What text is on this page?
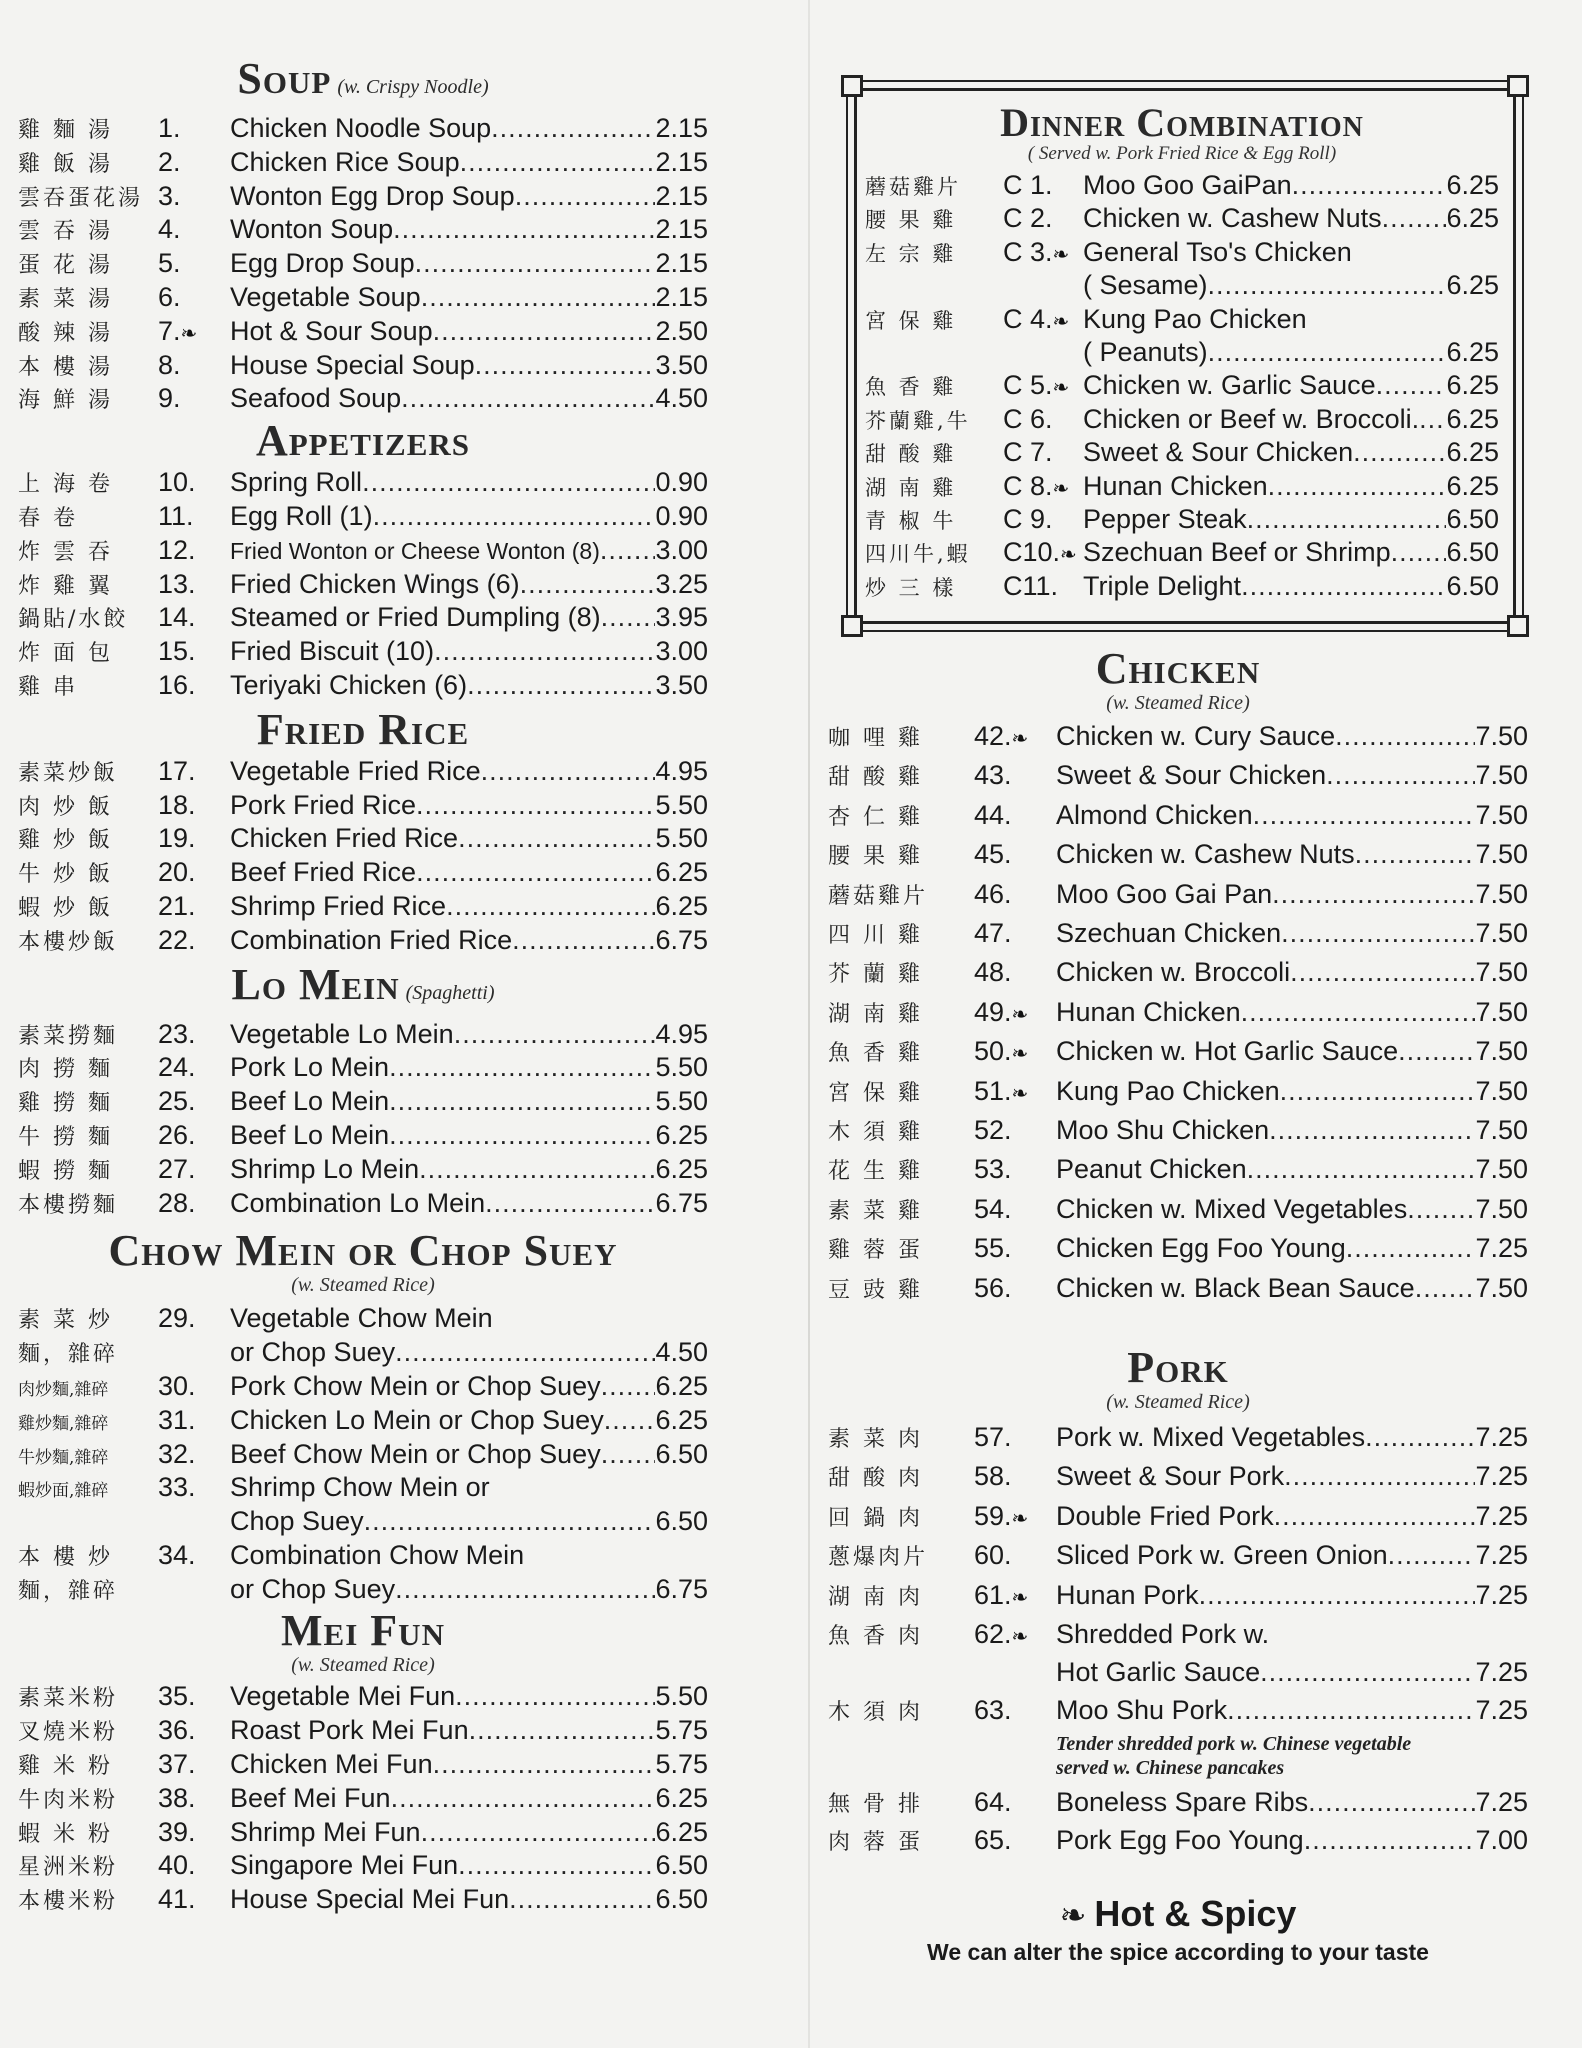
Soup (w. Crispy Noodle)
雞 麵 湯	1.	Chicken Noodle Soup .....	2.15
雞 飯 湯	2.	Chicken Rice Soup .....	2.15
雲吞蛋花湯 3.	Wonton Egg Drop Soup .....	2.15
雲 吞 湯	4.	Wonton Soup .....	2.15
蛋 花 湯	5.	Egg Drop Soup .....	2.15
素 菜 湯	6.	Vegetable Soup .....	2.15
酸 辣 湯	7.❧	Hot & Sour Soup .....	2.50
本 樓 湯	8.	House Special Soup .....	3.50
海 鮮 湯	9.	Seafood Soup .....	4.50
Appetizers
上 海 卷	10.	Spring Roll .....	0.90
春 卷	11.	Egg Roll (1) .....	0.90
炸 雲 吞	12.	Fried Wonton or Cheese Wonton (8) ..... 3.00
炸 雞 翼	13.	Fried Chicken Wings (6) .....	3.25
鍋貼/水餃	14.	Steamed or Fried Dumpling (8) ..... 3.95
炸 面 包	15.	Fried Biscuit (10) .....	3.00
雞 串	16.	Teriyaki Chicken (6) .....	3.50
Fried Rice
素菜炒飯	17.	Vegetable Fried Rice .....	4.95
肉 炒 飯	18.	Pork Fried Rice .....	5.50
雞 炒 飯	19.	Chicken Fried Rice .....	5.50
牛 炒 飯	20.	Beef Fried Rice .....	6.25
蝦 炒 飯	21.	Shrimp Fried Rice .....	6.25
本樓炒飯	22.	Combination Fried Rice .....	6.75
Lo Mein (Spaghetti)
素菜撈麵	23.	Vegetable Lo Mein .....	4.95
肉 撈 麵	24.	Pork Lo Mein .....	5.50
雞 撈 麵	25.	Beef Lo Mein .....	5.50
牛 撈 麵	26.	Beef Lo Mein .....	6.25
蝦 撈 麵	27.	Shrimp Lo Mein .....	6.25
本樓撈麵	28.	Combination Lo Mein .....	6.75
Chow Mein or Chop Suey
(w. Steamed Rice)
素 菜 炒	29.	Vegetable Chow Mein
麵，雜碎	or Chop Suey .....	4.50
肉炒麵,雜碎	30.	Pork Chow Mein or Chop Suey ..... 6.25
雞炒麵,雜碎	31.	Chicken Lo Mein or Chop Suey ..... 6.25
牛炒麵,雜碎	32.	Beef Chow Mein or Chop Suey ..... 6.50
蝦炒面,雜碎	33.	Shrimp Chow Mein or
Chop Suey .....	6.50
本 樓 炒	34.	Combination Chow Mein
麵，雜碎	or Chop Suey .....	6.75
Mei Fun
(w. Steamed Rice)
素菜米粉	35.	Vegetable Mei Fun .....	5.50
叉燒米粉	36.	Roast Pork Mei Fun .....	5.75
雞 米 粉	37.	Chicken Mei Fun .....	5.75
牛肉米粉	38.	Beef Mei Fun .....	6.25
蝦 米 粉	39.	Shrimp Mei Fun .....	6.25
星洲米粉	40.	Singapore Mei Fun .....	6.50
本樓米粉	41.	House Special Mei Fun .....	6.50
Dinner Combination
( Served w. Pork Fried Rice & Egg Roll)
蘑菇雞片	C 1.	Moo Goo GaiPan .....	6.25
腰 果 雞	C 2.	Chicken w. Cashew Nuts ..... 6.25
左 宗 雞	C 3.❧ General Tso's Chicken
( Sesame) .....	6.25
宮 保 雞	C 4.❧ Kung Pao Chicken
( Peanuts) .....	6.25
魚 香 雞	C 5.❧ Chicken w. Garlic Sauce .....	6.25
芥蘭雞,牛	C 6.	Chicken or Beef w. Broccoli. ..... 6.25
甜 酸 雞	C 7.	Sweet & Sour Chicken .....	6.25
湖 南 雞	C 8.❧ Hunan Chicken .....	6.25
青 椒 牛	C 9.	Pepper Steak .....	6.50
四川牛,蝦	C10.❧ Szechuan Beef or Shrimp ..... 6.50
炒 三 樣	C11. Triple Delight .....	6.50
Chicken
(w. Steamed Rice)
咖 哩 雞	42.❧	Chicken w. Cury Sauce .....	7.50
甜 酸 雞	43.	Sweet & Sour Chicken .....	7.50
杏 仁 雞	44.	Almond Chicken .....	7.50
腰 果 雞	45.	Chicken w. Cashew Nuts .....	7.50
蘑菇雞片	46.	Moo Goo Gai Pan .....	7.50
四 川 雞	47.	Szechuan Chicken .....	7.50
芥 蘭 雞	48.	Chicken w. Broccoli .....	7.50
湖 南 雞	49.❧	Hunan Chicken .....	7.50
魚 香 雞	50.❧	Chicken w. Hot Garlic Sauce .....	7.50
宮 保 雞	51.❧	Kung Pao Chicken .....	7.50
木 須 雞	52.	Moo Shu Chicken .....	7.50
花 生 雞	53.	Peanut Chicken .....	7.50
素 菜 雞	54.	Chicken w. Mixed Vegetables .....	7.50
雞 蓉 蛋	55.	Chicken Egg Foo Young .....	7.25
豆 豉 雞	56.	Chicken w. Black Bean Sauce ..... 7.50
Pork
(w. Steamed Rice)
素 菜 肉	57.	Pork w. Mixed Vegetables .....	7.25
甜 酸 肉	58.	Sweet & Sour Pork .....	7.25
回 鍋 肉	59.❧	Double Fried Pork .....	7.25
蔥爆肉片	60.	Sliced Pork w. Green Onion .....	7.25
湖 南 肉	61.❧	Hunan Pork .....	7.25
魚 香 肉	62.❧	Shredded Pork w.
Hot Garlic Sauce .....	7.25
木 須 肉	63.	Moo Shu Pork .....	7.25
Tender shredded pork w. Chinese vegetable
served w. Chinese pancakes
無 骨 排	64.	Boneless Spare Ribs .....	7.25
肉 蓉 蛋	65.	Pork Egg Foo Young .....	7.00
❧ Hot & Spicy
We can alter the spice according to your taste
